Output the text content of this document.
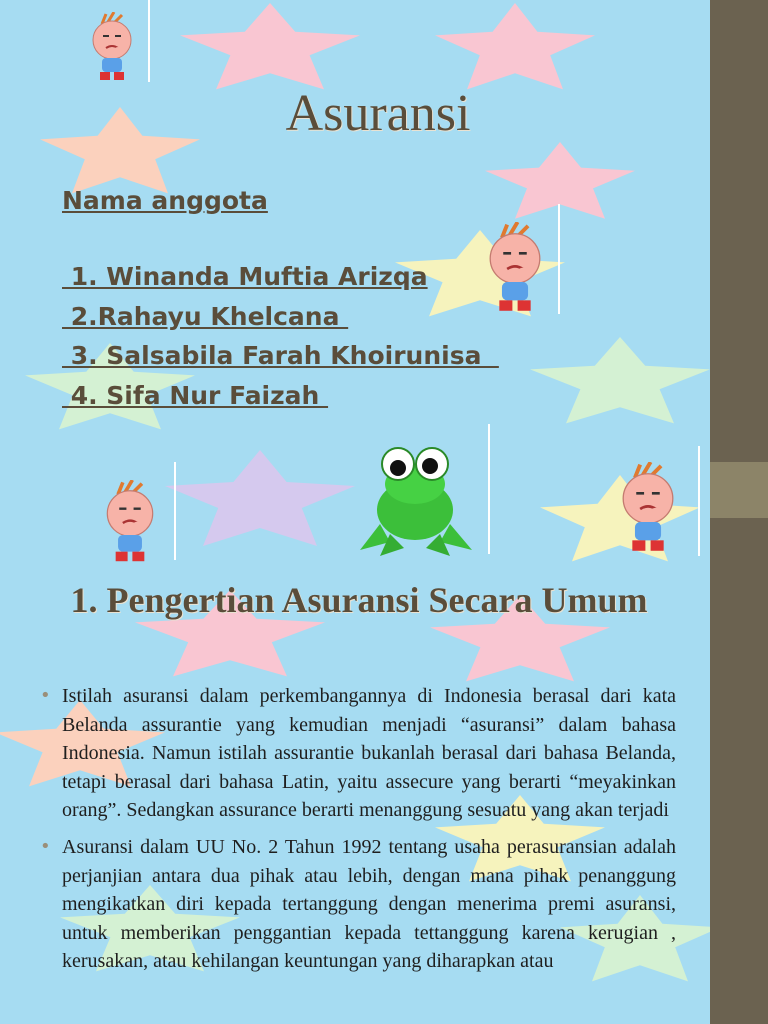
Asuransi
Nama anggota
1. Winanda Muftia Arizqa
2.Rahayu Khelcana
3. Salsabila Farah Khoirunisa
4. Sifa Nur Faizah
1. Pengertian Asuransi Secara Umum
• Istilah asuransi dalam perkembangannya di Indonesia berasal dari kata Belanda assurantie yang kemudian menjadi “asuransi” dalam bahasa Indonesia. Namun istilah assurantie bukanlah berasal dari bahasa Belanda, tetapi berasal dari bahasa Latin, yaitu assecure yang berarti “meyakinkan orang”. Sedangkan assurance berarti menanggung sesuatu yang akan terjadi
• Asuransi dalam UU No. 2 Tahun 1992 tentang usaha perasuransian adalah perjanjian antara dua pihak atau lebih, dengan mana pihak penanggung mengikatkan diri kepada tertanggung dengan menerima premi asuransi, untuk memberikan penggantian kepada tettanggung karena kerugian , kerusakan, atau kehilangan keuntungan yang diharapkan atau
